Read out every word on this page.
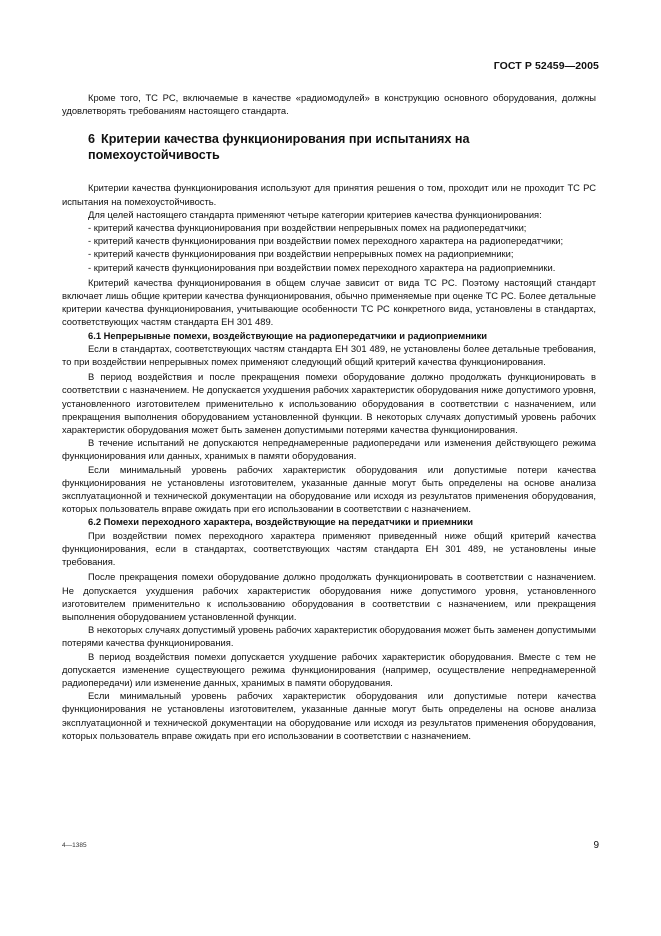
ГОСТ Р 52459—2005

Кроме того, ТС РС, включаемые в качестве «радиомодулей» в конструкцию основного оборудования, должны удовлетворять требованиям настоящего стандарта.

6 Критерии качества функционирования при испытаниях на помехоустойчивость

Критерии качества функционирования используют для принятия решения о том, проходит или не проходит ТС РС испытания на помехоустойчивость.

Для целей настоящего стандарта применяют четыре категории критериев качества функционирования:

- критерий качества функционирования при воздействии непрерывных помех на радиопередатчики;

- критерий качеств функционирования при воздействии помех переходного характера на радиопередатчики;

- критерий качеств функционирования при воздействии непрерывных помех на радиоприемники;

- критерий качеств функционирования при воздействии помех переходного характера на радиоприемники.

Критерий качества функционирования в общем случае зависит от вида ТС РС. Поэтому настоящий стандарт включает лишь общие критерии качества функционирования, обычно применяемые при оценке ТС РС. Более детальные критерии качества функционирования, учитывающие особенности ТС РС конкретного вида, установлены в стандартах, соответствующих частям стандарта ЕН 301 489.

6.1 Непрерывные помехи, воздействующие на радиопередатчики и радиоприемники

Если в стандартах, соответствующих частям стандарта ЕН 301 489, не установлены более детальные требования, то при воздействии непрерывных помех применяют следующий общий критерий качества функционирования.

В период воздействия и после прекращения помехи оборудование должно продолжать функционировать в соответствии с назначением. Не допускается ухудшения рабочих характеристик оборудования ниже допустимого уровня, установленного изготовителем применительно к использованию оборудования в соответствии с назначением, или прекращения выполнения оборудованием установленной функции. В некоторых случаях допустимый уровень рабочих характеристик оборудования может быть заменен допустимыми потерями качества функционирования.

В течение испытаний не допускаются непреднамеренные радиопередачи или изменения действующего режима функционирования или данных, хранимых в памяти оборудования.

Если минимальный уровень рабочих характеристик оборудования или допустимые потери качества функционирования не установлены изготовителем, указанные данные могут быть определены на основе анализа эксплуатационной и технической документации на оборудование или исходя из результатов применения оборудования, которых пользователь вправе ожидать при его использовании в соответствии с назначением.

6.2 Помехи переходного характера, воздействующие на передатчики и приемники

При воздействии помех переходного характера применяют приведенный ниже общий критерий качества функционирования, если в стандартах, соответствующих частям стандарта ЕН 301 489, не установлены иные требования.

После прекращения помехи оборудование должно продолжать функционировать в соответствии с назначением. Не допускается ухудшения рабочих характеристик оборудования ниже допустимого уровня, установленного изготовителем применительно к использованию оборудования в соответствии с назначением, или прекращения выполнения оборудованием установленной функции.

В некоторых случаях допустимый уровень рабочих характеристик оборудования может быть заменен допустимыми потерями качества функционирования.

В период воздействия помехи допускается ухудшение рабочих характеристик оборудования. Вместе с тем не допускается изменение существующего режима функционирования (например, осуществление непреднамеренной радиопередачи) или изменение данных, хранимых в памяти оборудования.

Если минимальный уровень рабочих характеристик оборудования или допустимые потери качества функционирования не установлены изготовителем, указанные данные могут быть определены на основе анализа эксплуатационной и технической документации на оборудование или исходя из результатов применения оборудования, которых пользователь вправе ожидать при его использовании в соответствии с назначением.

4—1385	9
